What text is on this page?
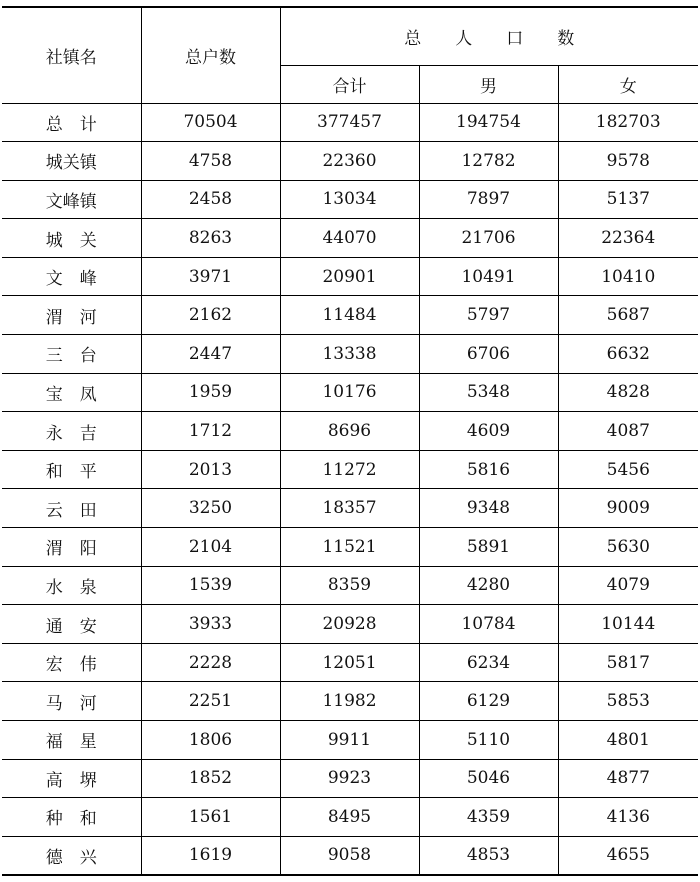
社镇名	总户数	总　　人　　口　　数		
		合计	男	女
总　计	70504	377457	194754	182703
城关镇	4758	22360	12782	9578
文峰镇	2458	13034	7897	5137
城　关	8263	44070	21706	22364
文　峰	3971	20901	10491	10410
渭　河	2162	11484	5797	5687
三　台	2447	13338	6706	6632
宝　凤	1959	10176	5348	4828
永　吉	1712	8696	4609	4087
和　平	2013	11272	5816	5456
云　田	3250	18357	9348	9009
渭　阳	2104	11521	5891	5630
水　泉	1539	8359	4280	4079
通　安	3933	20928	10784	10144
宏　伟	2228	12051	6234	5817
马　河	2251	11982	6129	5853
福　星	1806	9911	5110	4801
高　堺	1852	9923	5046	4877
种　和	1561	8495	4359	4136
德　兴	1619	9058	4853	4655
